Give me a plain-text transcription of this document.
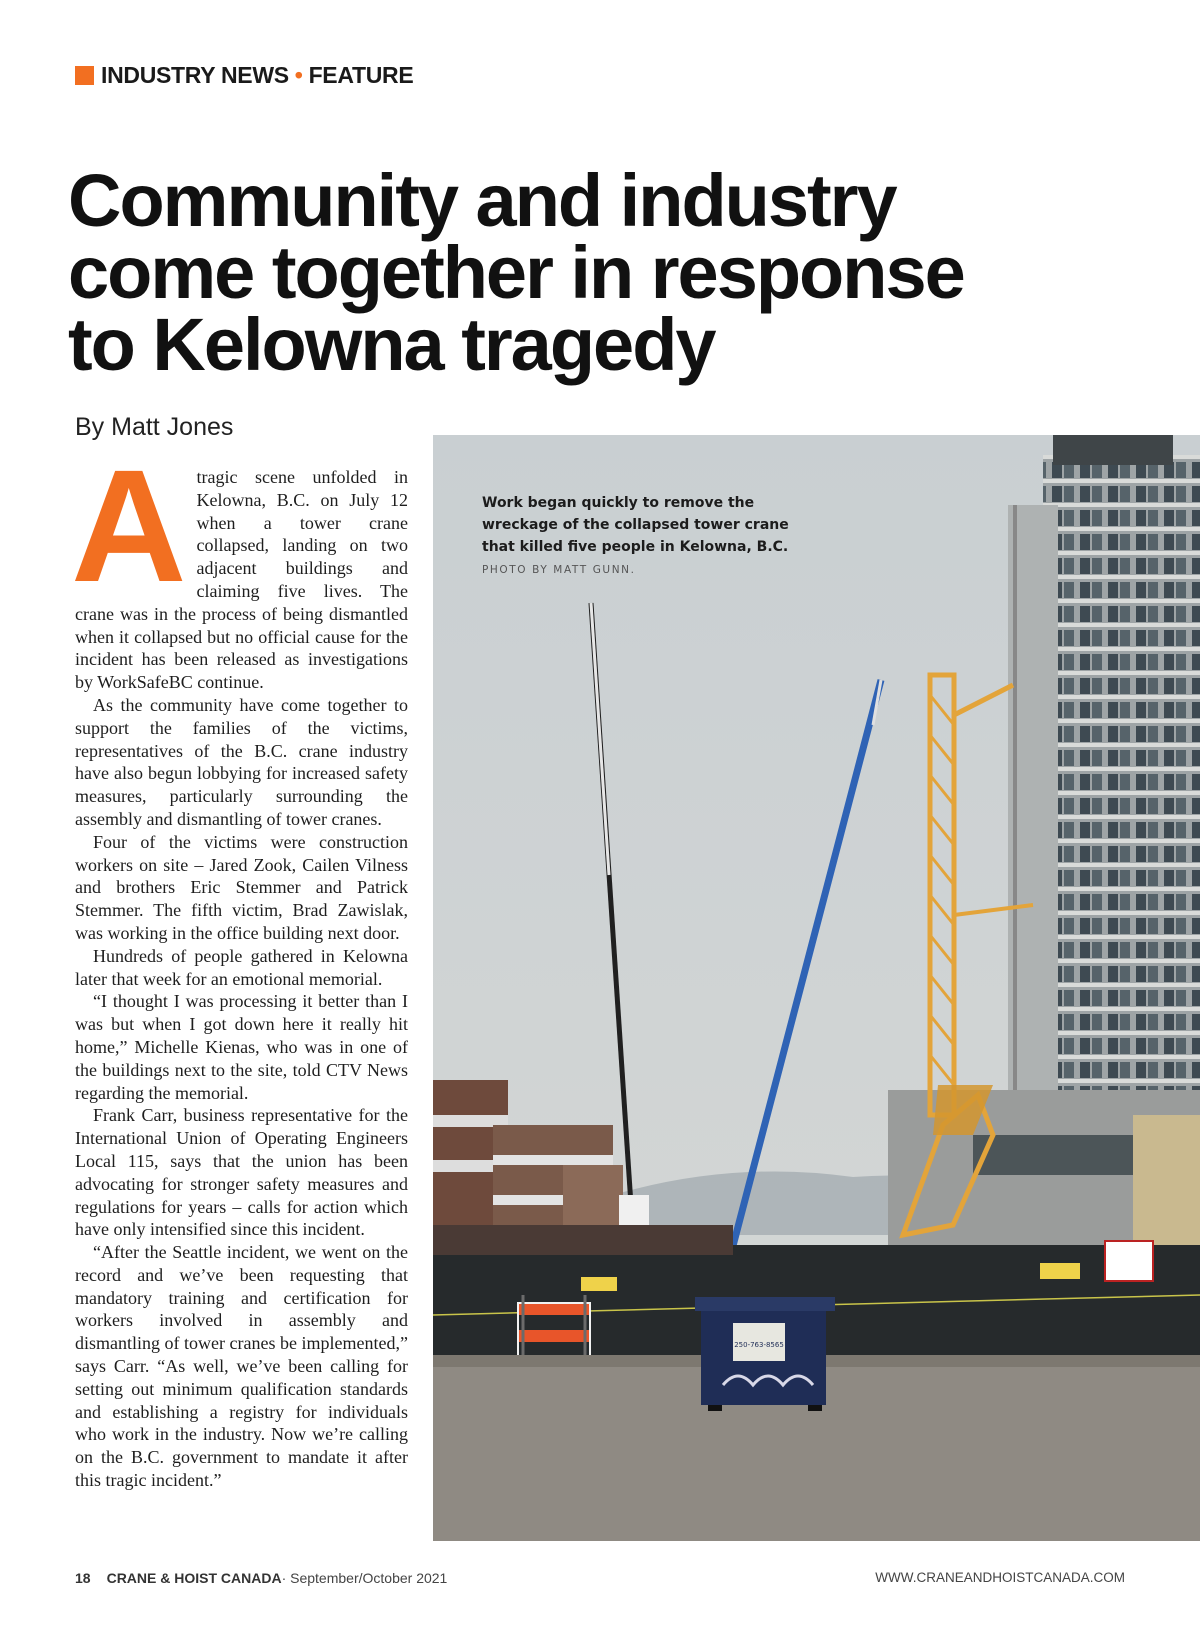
INDUSTRY NEWS • FEATURE
Community and industry
come together in response
to Kelowna tragedy
By Matt Jones
A tragic scene unfolded in Kelowna, B.C. on July 12 when a tower crane collapsed, landing on two adjacent buildings and claiming five lives. The crane was in the process of being dismantled when it collapsed but no official cause for the incident has been released as investigations by WorkSafeBC continue.

As the community have come together to support the families of the victims, representatives of the B.C. crane industry have also begun lobbying for increased safety measures, particularly surrounding the assembly and dismantling of tower cranes.

Four of the victims were construction workers on site – Jared Zook, Cailen Vilness and brothers Eric Stemmer and Patrick Stemmer. The fifth victim, Brad Zawislak, was working in the office building next door.

Hundreds of people gathered in Kelowna later that week for an emotional memorial.

“I thought I was processing it better than I was but when I got down here it really hit home,” Michelle Kienas, who was in one of the buildings next to the site, told CTV News regarding the memorial.

Frank Carr, business representative for the International Union of Operating Engineers Local 115, says that the union has been advocating for stronger safety measures and regulations for years – calls for action which have only intensified since this incident.

“After the Seattle incident, we went on the record and we’ve been requesting that mandatory training and certification for workers involved in assembly and dismantling of tower cranes be implemented,” says Carr. “As well, we’ve been calling for setting out minimum qualification standards and establishing a registry for individuals who work in the industry. Now we’re calling on the B.C. government to mandate it after this tragic incident.”

250-763-8565
Work began quickly to remove the wreckage of the collapsed tower crane that killed five people in Kelowna, B.C.
PHOTO BY MATT GUNN.
18 CRANE & HOIST CANADA · September/October 2021	WWW.CRANEANDHOISTCANADA.COM
